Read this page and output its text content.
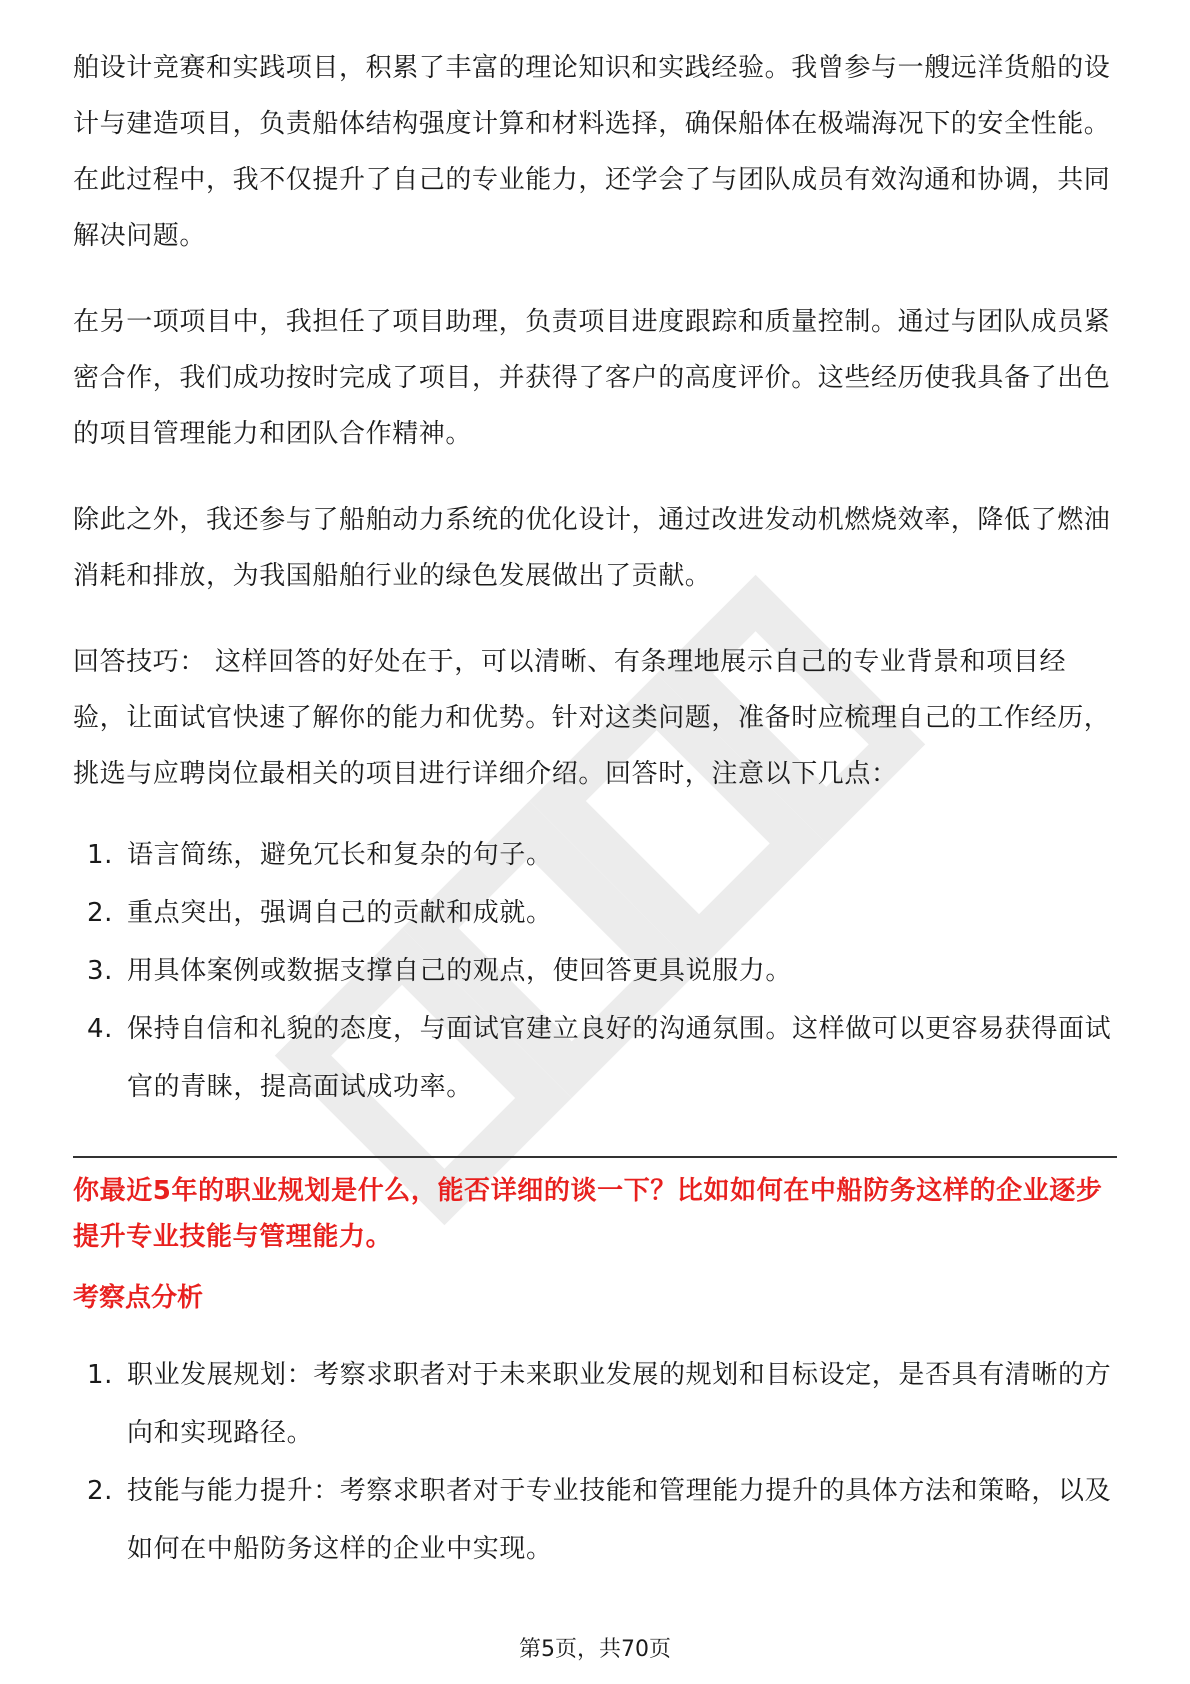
舶设计竞赛和实践项目，积累了丰富的理论知识和实践经验。我曾参与一艘远洋货船的设计与建造项目，负责船体结构强度计算和材料选择，确保船体在极端海况下的安全性能。在此过程中，我不仅提升了自己的专业能力，还学会了与团队成员有效沟通和协调，共同解决问题。

在另一项项目中，我担任了项目助理，负责项目进度跟踪和质量控制。通过与团队成员紧密合作，我们成功按时完成了项目，并获得了客户的高度评价。这些经历使我具备了出色的项目管理能力和团队合作精神。

除此之外，我还参与了船舶动力系统的优化设计，通过改进发动机燃烧效率，降低了燃油消耗和排放，为我国船舶行业的绿色发展做出了贡献。

回答技巧： 这样回答的好处在于，可以清晰、有条理地展示自己的专业背景和项目经验，让面试官快速了解你的能力和优势。针对这类问题，准备时应梳理自己的工作经历，挑选与应聘岗位最相关的项目进行详细介绍。回答时，注意以下几点：

1. 语言简练，避免冗长和复杂的句子。
2. 重点突出，强调自己的贡献和成就。
3. 用具体案例或数据支撑自己的观点，使回答更具说服力。
4. 保持自信和礼貌的态度，与面试官建立良好的沟通氛围。这样做可以更容易获得面试官的青睐，提高面试成功率。

你最近5年的职业规划是什么，能否详细的谈一下？比如如何在中船防务这样的企业逐步提升专业技能与管理能力。

考察点分析
1. 职业发展规划：考察求职者对于未来职业发展的规划和目标设定，是否具有清晰的方向和实现路径。
2. 技能与能力提升：考察求职者对于专业技能和管理能力提升的具体方法和策略，以及如何在中船防务这样的企业中实现。
第5页，共70页
